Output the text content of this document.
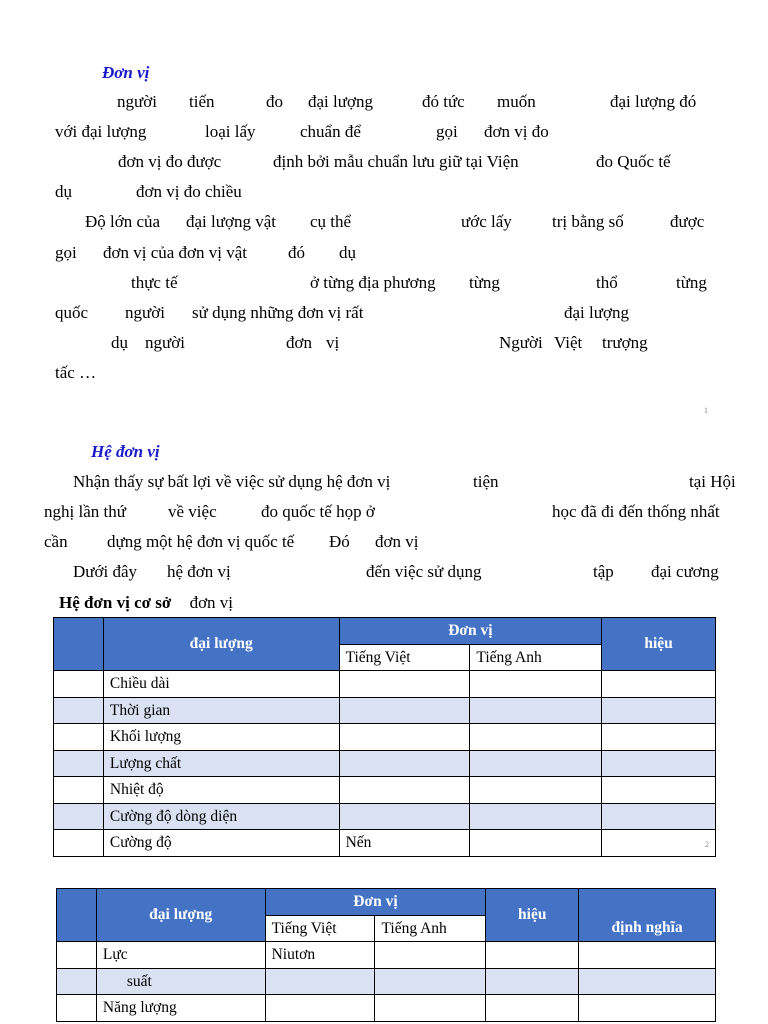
Đơn vị
người tiến	đo đại lượng	đó tức muốn	đại lượng đó
với đại lượng	loại lấy	chuẩn để	gọi đơn vị đo
đơn vị đo được	định bởi mẫu chuẩn lưu giữ tại Viện	đo Quốc tế
dụ	đơn vị đo chiều
Độ lớn của đại lượng vật cụ thể	ước lấy trị bằng số	được
gọi đơn vị của đơn vị vật đó dụ
thực tế	ở từng địa phương từng	thổ	từng
quốc người sử dụng những đơn vị rất	đại lượng
dụ người	đơn vị	Người Việt trượng
tấc …
1
Hệ đơn vị
Nhận thấy sự bất lợi về việc sử dụng hệ đơn vị	tiện	tại Hội
nghị lần thứ về việc	đo quốc tế họp ở	học đã đi đến thống nhất
cần dựng một hệ đơn vị quốc tế Đó đơn vị
Dưới đây hệ đơn vị	đến việc sử dụng	tập đại cương
Hệ đơn vị cơ sở đơn vị
	đại lượng	Đơn vị		hiệu
		Tiếng Việt	Tiếng Anh	
	Chiều dài			
	Thời gian			
	Khối lượng			
	Lượng chất			
	Nhiệt độ			
	Cường độ dòng diện			
	Cường độ	Nến		2
	đại lượng	Đơn vị		hiệu	định nghĩa
		Tiếng Việt	Tiếng Anh		
	Lực	Niutơn			
	suất				
	Năng lượng				
